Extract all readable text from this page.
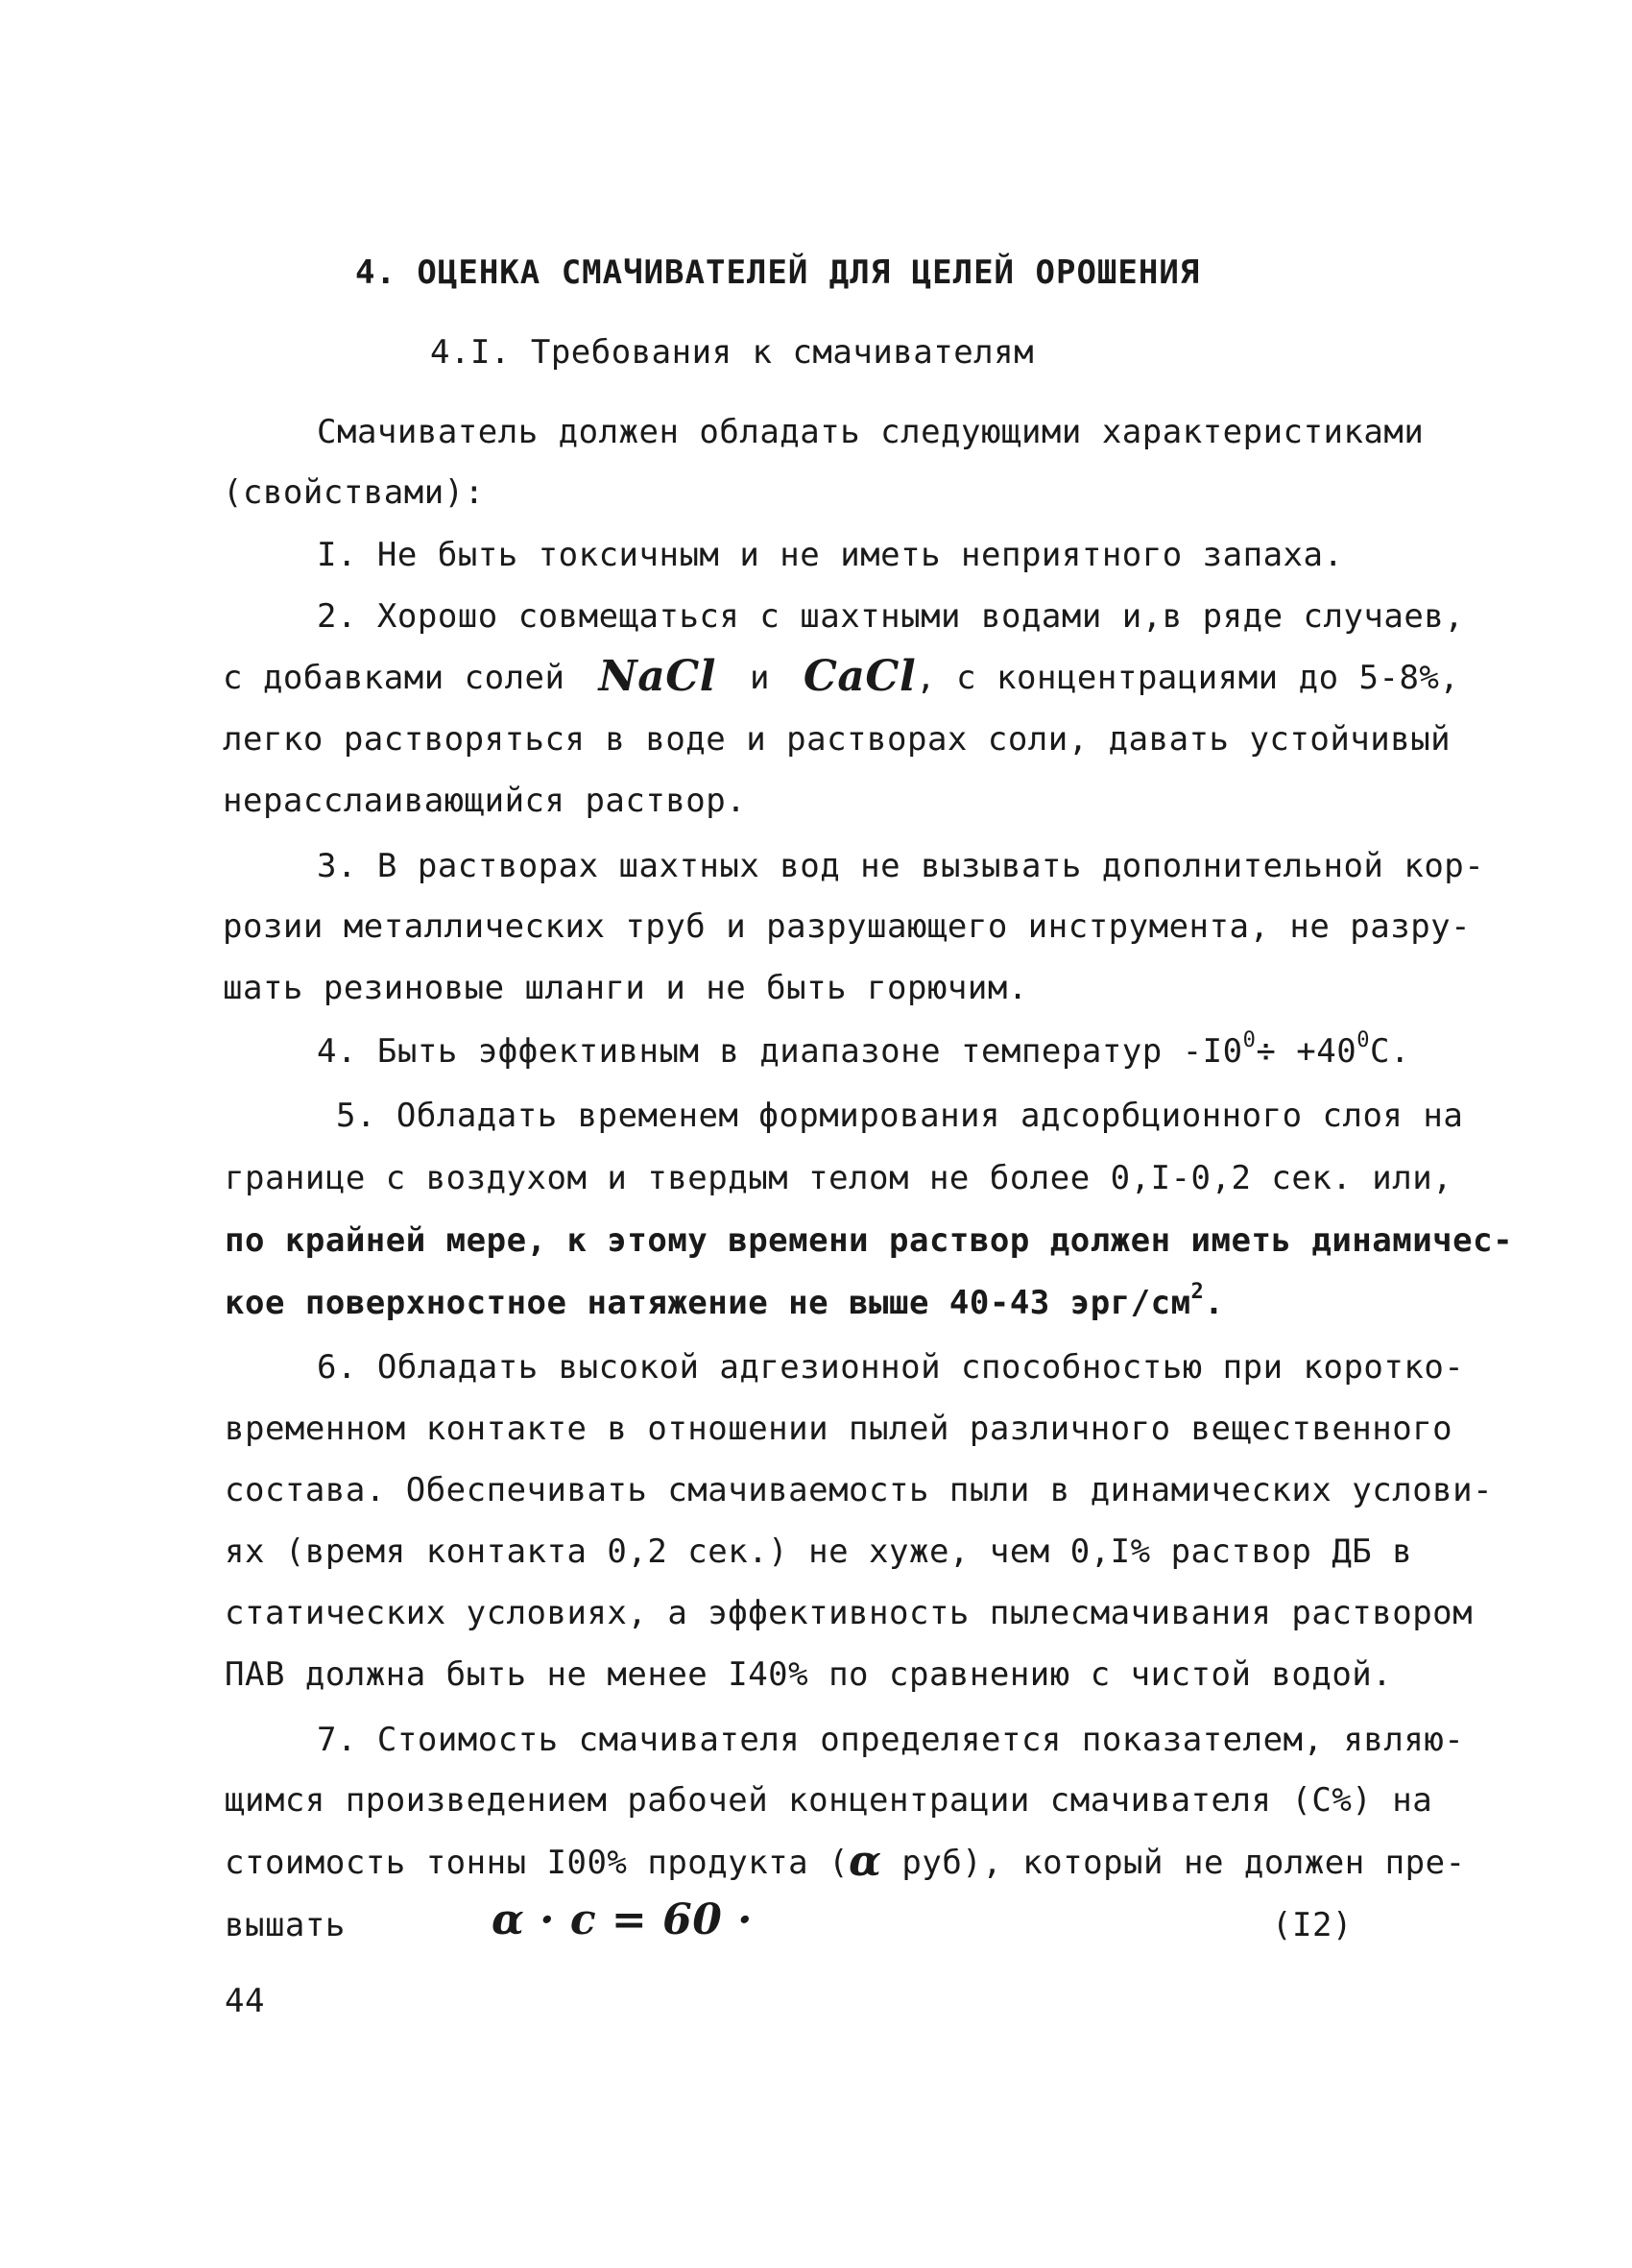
4. ОЦЕНКА СМАЧИВАТЕЛЕЙ ДЛЯ ЦЕЛЕЙ ОРОШЕНИЯ
4.I. Требования к смачивателям
Смачиватель должен обладать следующими характеристиками
(свойствами):
I. Не быть токсичным и не иметь неприятного запаха.
2. Хорошо совмещаться с шахтными водами и,в ряде случаев,
с добавками солей NaCl и CaCl, с концентрациями до 5-8%,
легко растворяться в воде и растворах соли, давать устойчивый
нерасслаивающийся раствор.
3. В растворах шахтных вод не вызывать дополнительной кор-
розии металлических труб и разрушающего инструмента, не разру-
шать резиновые шланги и не быть горючим.
4. Быть эффективным в диапазоне температур $-I0^0\div +40^0С$.
5. Обладать временем формирования адсорбционного слоя на
границе с воздухом и твердым телом не более 0,I-0,2 сек. или,
по крайней мере, к этому времени раствор должен иметь динамичес-
кое поверхностное натяжение не выше 40-43 эрг/$см^2$.
6. Обладать высокой адгезионной способностью при коротко-
временном контакте в отношении пылей различного вещественного
состава. Обеспечивать смачиваемость пыли в динамических услови-
ях (время контакта 0,2 сек.) не хуже, чем 0,I% раствор ДБ в
статических условиях, а эффективность пылесмачивания раствором
ПАВ должна быть не менее I40% по сравнению с чистой водой.
7. Стоимость смачивателя определяется показателем, являю-
щимся произведением рабочей концентрации смачивателя (С%) на
стоимость тонны I00% продукта (α руб), который не должен пре-
вышать	α · c = 60 ·	(I2)
44
